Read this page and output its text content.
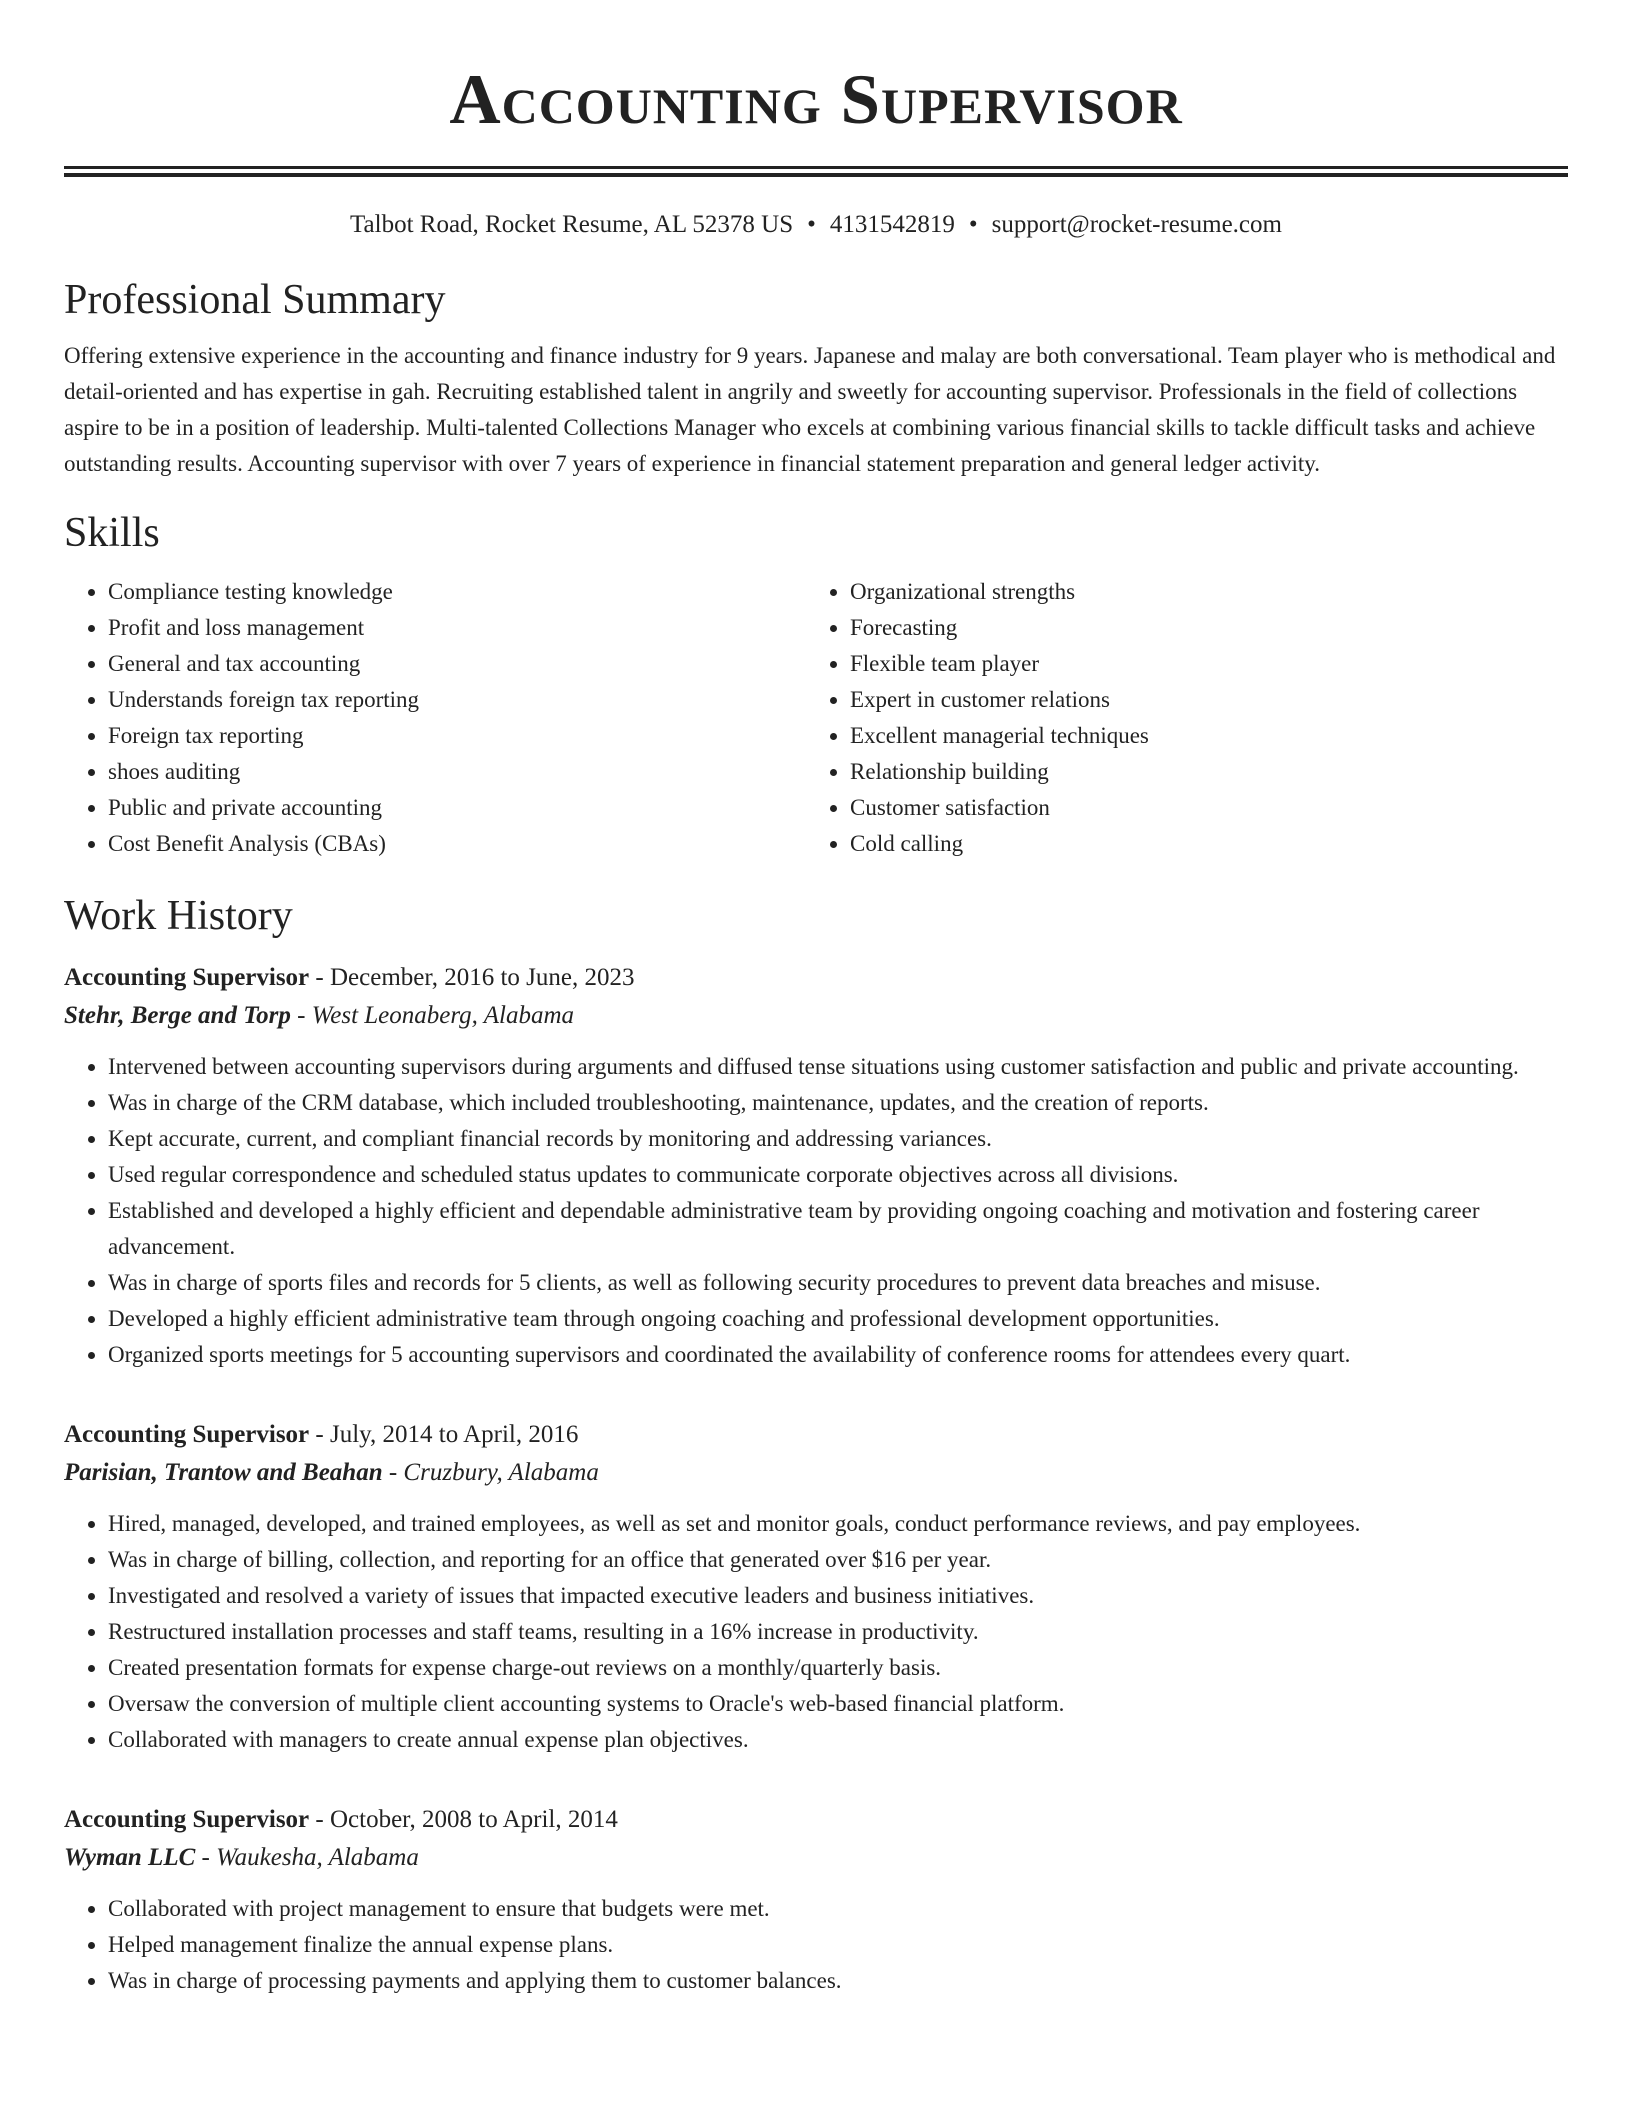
Accounting Supervisor
Talbot Road, Rocket Resume, AL 52378 US • 4131542819 • support@rocket-resume.com
Professional Summary
Offering extensive experience in the accounting and finance industry for 9 years. Japanese and malay are both conversational. Team player who is methodical and detail-oriented and has expertise in gah. Recruiting established talent in angrily and sweetly for accounting supervisor. Professionals in the field of collections aspire to be in a position of leadership. Multi-talented Collections Manager who excels at combining various financial skills to tackle difficult tasks and achieve outstanding results. Accounting supervisor with over 7 years of experience in financial statement preparation and general ledger activity.
Skills
• Compliance testing knowledge
• Profit and loss management
• General and tax accounting
• Understands foreign tax reporting
• Foreign tax reporting
• shoes auditing
• Public and private accounting
• Cost Benefit Analysis (CBAs)
• Organizational strengths
• Forecasting
• Flexible team player
• Expert in customer relations
• Excellent managerial techniques
• Relationship building
• Customer satisfaction
• Cold calling
Work History
Accounting Supervisor - December, 2016 to June, 2023
Stehr, Berge and Torp - West Leonaberg, Alabama
• Intervened between accounting supervisors during arguments and diffused tense situations using customer satisfaction and public and private accounting.
• Was in charge of the CRM database, which included troubleshooting, maintenance, updates, and the creation of reports.
• Kept accurate, current, and compliant financial records by monitoring and addressing variances.
• Used regular correspondence and scheduled status updates to communicate corporate objectives across all divisions.
• Established and developed a highly efficient and dependable administrative team by providing ongoing coaching and motivation and fostering career advancement.
• Was in charge of sports files and records for 5 clients, as well as following security procedures to prevent data breaches and misuse.
• Developed a highly efficient administrative team through ongoing coaching and professional development opportunities.
• Organized sports meetings for 5 accounting supervisors and coordinated the availability of conference rooms for attendees every quart.
Accounting Supervisor - July, 2014 to April, 2016
Parisian, Trantow and Beahan - Cruzbury, Alabama
• Hired, managed, developed, and trained employees, as well as set and monitor goals, conduct performance reviews, and pay employees.
• Was in charge of billing, collection, and reporting for an office that generated over $16 per year.
• Investigated and resolved a variety of issues that impacted executive leaders and business initiatives.
• Restructured installation processes and staff teams, resulting in a 16% increase in productivity.
• Created presentation formats for expense charge-out reviews on a monthly/quarterly basis.
• Oversaw the conversion of multiple client accounting systems to Oracle's web-based financial platform.
• Collaborated with managers to create annual expense plan objectives.
Accounting Supervisor - October, 2008 to April, 2014
Wyman LLC - Waukesha, Alabama
• Collaborated with project management to ensure that budgets were met.
• Helped management finalize the annual expense plans.
• Was in charge of processing payments and applying them to customer balances.
